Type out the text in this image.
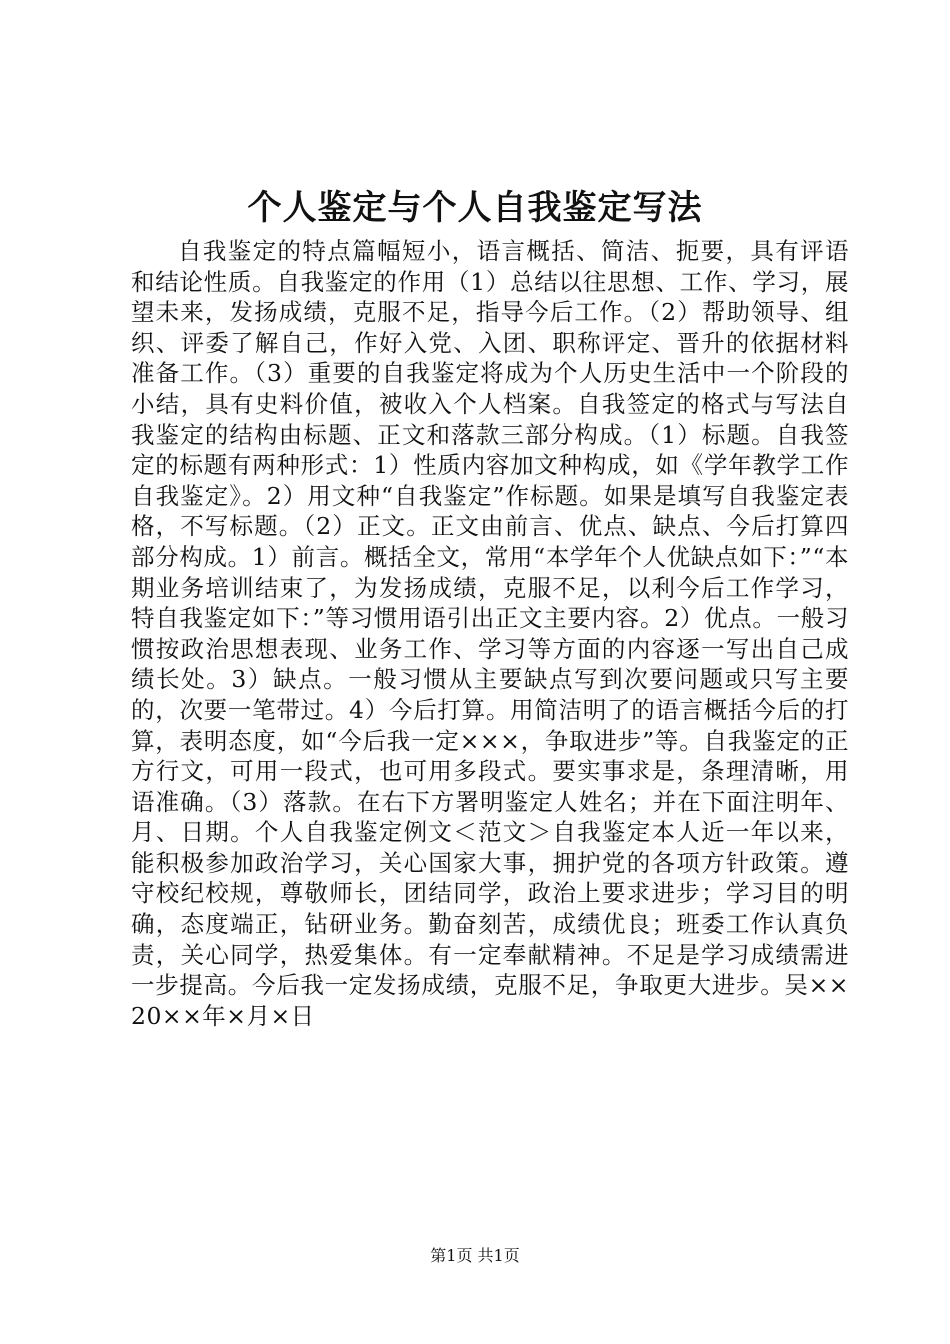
个人鉴定与个人自我鉴定写法

自我鉴定的特点篇幅短小，语言概括、简洁、扼要，具有评语和结论性质。自我鉴定的作用（1）总结以往思想、工作、学习，展望未来，发扬成绩，克服不足，指导今后工作。（2）帮助领导、组织、评委了解自己，作好入党、入团、职称评定、晋升的依据材料准备工作。（3）重要的自我鉴定将成为个人历史生活中一个阶段的小结，具有史料价值，被收入个人档案。自我签定的格式与写法自我鉴定的结构由标题、正文和落款三部分构成。（1）标题。自我签定的标题有两种形式：1）性质内容加文种构成，如《学年教学工作自我鉴定》。2）用文种“自我鉴定”作标题。如果是填写自我鉴定表格，不写标题。（2）正文。正文由前言、优点、缺点、今后打算四部分构成。1）前言。概括全文，常用“本学年个人优缺点如下：”“本期业务培训结束了，为发扬成绩，克服不足，以利今后工作学习，特自我鉴定如下：”等习惯用语引出正文主要内容。2）优点。一般习惯按政治思想表现、业务工作、学习等方面的内容逐一写出自己成绩长处。3）缺点。一般习惯从主要缺点写到次要问题或只写主要的，次要一笔带过。4）今后打算。用简洁明了的语言概括今后的打算，表明态度，如“今后我一定×××，争取进步”等。自我鉴定的正方行文，可用一段式，也可用多段式。要实事求是，条理清晰，用语准确。（3）落款。在右下方署明鉴定人姓名；并在下面注明年、月、日期。个人自我鉴定例文＜范文＞自我鉴定本人近一年以来，能积极参加政治学习，关心国家大事，拥护党的各项方针政策。遵守校纪校规，尊敬师长，团结同学，政治上要求进步；学习目的明确，态度端正，钻研业务。勤奋刻苦，成绩优良；班委工作认真负责，关心同学，热爱集体。有一定奉献精神。不足是学习成绩需进一步提高。今后我一定发扬成绩，克服不足，争取更大进步。吴××20××年×月×日

第1页 共1页
